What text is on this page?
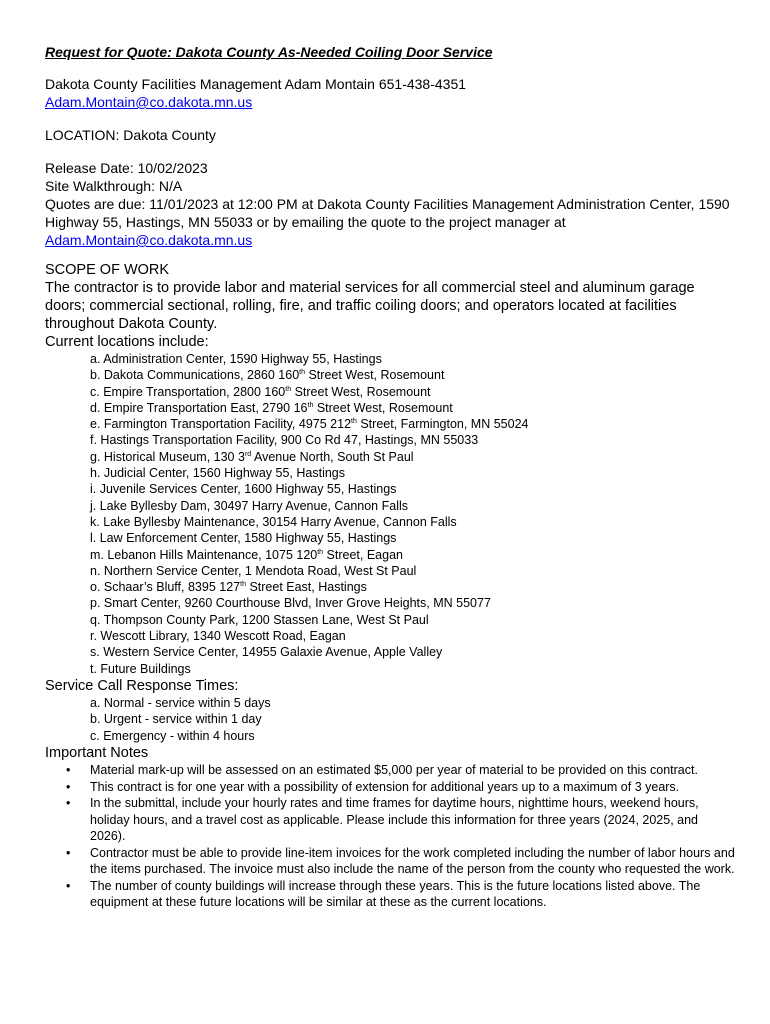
Request for Quote: Dakota County As-Needed Coiling Door Service

Dakota County Facilities Management Adam Montain 651-438-4351

Adam.Montain@co.dakota.mn.us

LOCATION: Dakota County

Release Date: 10/02/2023

Site Walkthrough: N/A

Quotes are due: 11/01/2023 at 12:00 PM at Dakota County Facilities Management Administration Center, 1590 Highway 55, Hastings, MN 55033 or by emailing the quote to the project manager at

Adam.Montain@co.dakota.mn.us

SCOPE OF WORK

The contractor is to provide labor and material services for all commercial steel and aluminum garage doors; commercial sectional, rolling, fire, and traffic coiling doors; and operators located at facilities throughout Dakota County.

Current locations include:

a. Administration Center, 1590 Highway 55, Hastings
b. Dakota Communications, 2860 160th Street West, Rosemount
c. Empire Transportation, 2800 160th Street West, Rosemount
d. Empire Transportation East, 2790 16th Street West, Rosemount
e. Farmington Transportation Facility, 4975 212th Street, Farmington, MN 55024
f. Hastings Transportation Facility, 900 Co Rd 47, Hastings, MN 55033
g. Historical Museum, 130 3rd Avenue North, South St Paul
h. Judicial Center, 1560 Highway 55, Hastings
i. Juvenile Services Center, 1600 Highway 55, Hastings
j. Lake Byllesby Dam, 30497 Harry Avenue, Cannon Falls
k. Lake Byllesby Maintenance, 30154 Harry Avenue, Cannon Falls
l. Law Enforcement Center, 1580 Highway 55, Hastings
m. Lebanon Hills Maintenance, 1075 120th Street, Eagan
n. Northern Service Center, 1 Mendota Road, West St Paul
o. Schaar’s Bluff, 8395 127th Street East, Hastings
p. Smart Center, 9260 Courthouse Blvd, Inver Grove Heights, MN 55077
q. Thompson County Park, 1200 Stassen Lane, West St Paul
r. Wescott Library, 1340 Wescott Road, Eagan
s. Western Service Center, 14955 Galaxie Avenue, Apple Valley
t. Future Buildings

Service Call Response Times:

a. Normal - service within 5 days
b. Urgent - service within 1 day
c. Emergency - within 4 hours

Important Notes

• Material mark-up will be assessed on an estimated $5,000 per year of material to be provided on this contract.
• This contract is for one year with a possibility of extension for additional years up to a maximum of 3 years.
• In the submittal, include your hourly rates and time frames for daytime hours, nighttime hours, weekend hours, holiday hours, and a travel cost as applicable. Please include this information for three years (2024, 2025, and 2026).
• Contractor must be able to provide line-item invoices for the work completed including the number of labor hours and the items purchased. The invoice must also include the name of the person from the county who requested the work.
• The number of county buildings will increase through these years. This is the future locations listed above. The equipment at these future locations will be similar at these as the current locations.
